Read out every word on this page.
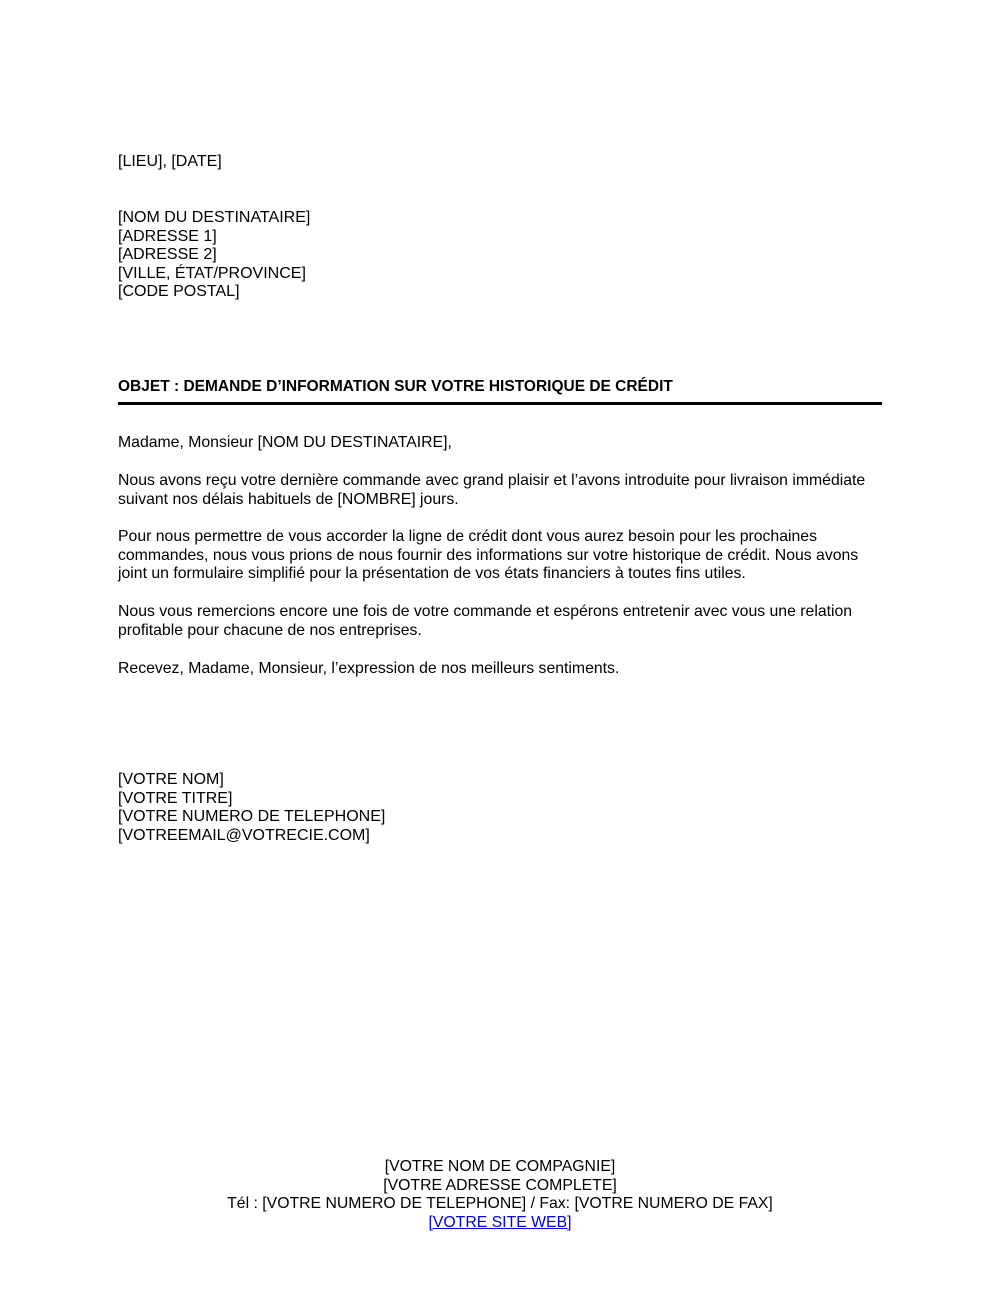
[LIEU], [DATE]
[NOM DU DESTINATAIRE]
[ADRESSE 1]
[ADRESSE 2]
[VILLE, ÉTAT/PROVINCE]
[CODE POSTAL]
OBJET : DEMANDE D’INFORMATION SUR VOTRE HISTORIQUE DE CRÉDIT
Madame, Monsieur [NOM DU DESTINATAIRE],
Nous avons reçu votre dernière commande avec grand plaisir et l’avons introduite pour livraison immédiate suivant nos délais habituels de [NOMBRE] jours.
Pour nous permettre de vous accorder la ligne de crédit dont vous aurez besoin pour les prochaines commandes, nous vous prions de nous fournir des informations sur votre historique de crédit. Nous avons joint un formulaire simplifié pour la présentation de vos états financiers à toutes fins utiles.
Nous vous remercions encore une fois de votre commande et espérons entretenir avec vous une relation profitable pour chacune de nos entreprises.
Recevez, Madame, Monsieur, l’expression de nos meilleurs sentiments.
[VOTRE NOM]
[VOTRE TITRE]
[VOTRE NUMERO DE TELEPHONE]
[VOTREEMAIL@VOTRECIE.COM]
[VOTRE NOM DE COMPAGNIE]
[VOTRE ADRESSE COMPLETE]
Tél : [VOTRE NUMERO DE TELEPHONE] / Fax: [VOTRE NUMERO DE FAX]
[VOTRE SITE WEB]
